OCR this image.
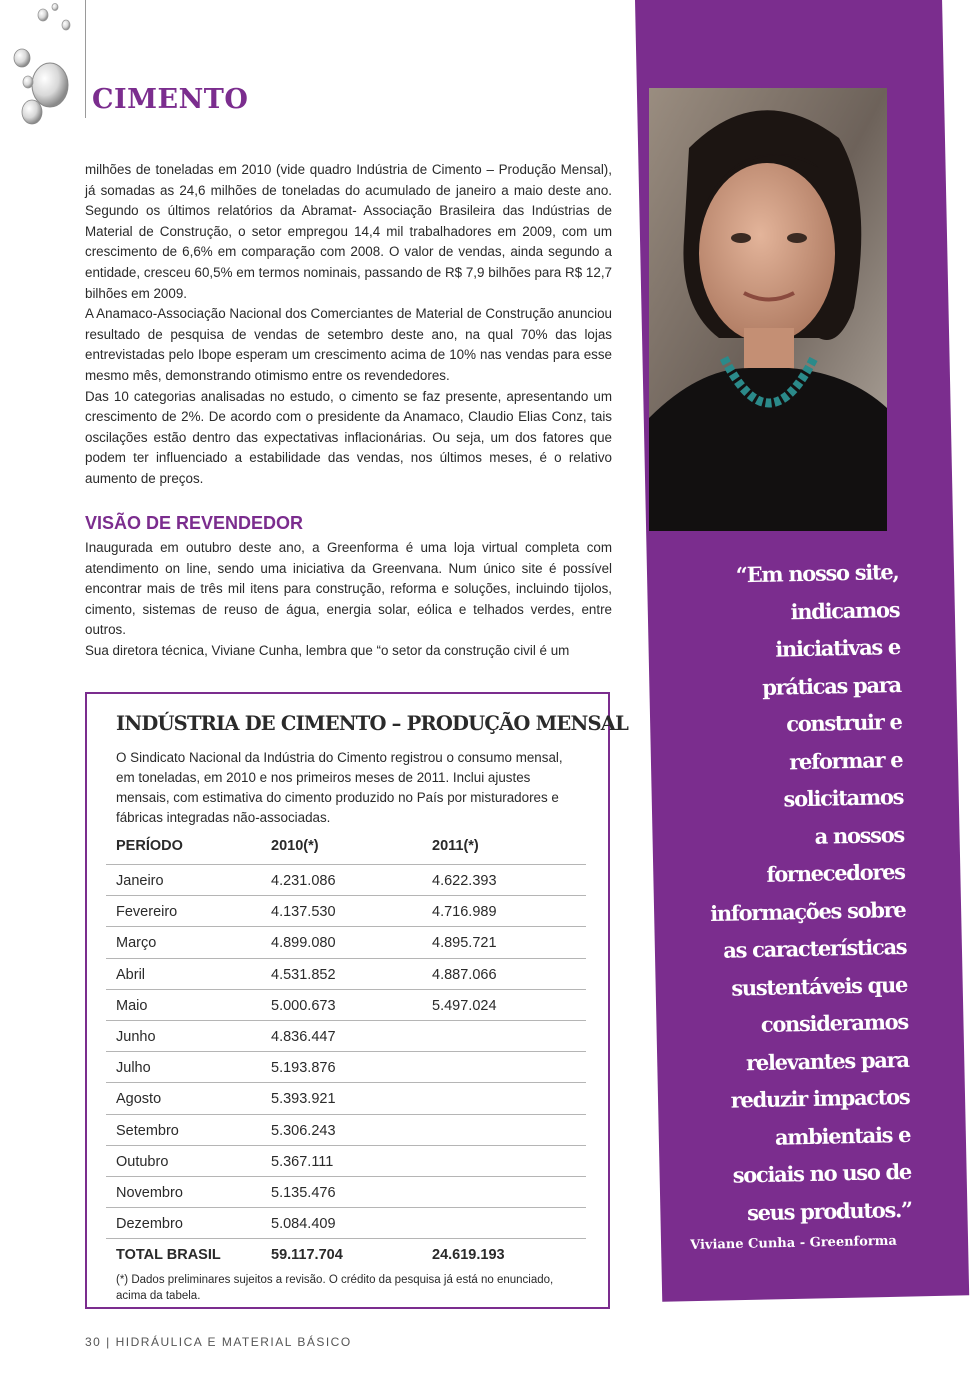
CIMENTO

milhões de toneladas em 2010 (vide quadro Indústria de Cimento – Produção Mensal), já somadas as 24,6 milhões de toneladas do acumulado de janeiro a maio deste ano. Segundo os últimos relatórios da Abramat- Associação Brasileira das Indústrias de Material de Construção, o setor empregou 14,4 mil trabalhadores em 2009, com um crescimento de 6,6% em comparação com 2008. O valor de vendas, ainda segundo a entidade, cresceu 60,5% em termos nominais, passando de R$ 7,9 bilhões para R$ 12,7 bilhões em 2009.

A Anamaco-Associação Nacional dos Comerciantes de Material de Construção anunciou resultado de pesquisa de vendas de setembro deste ano, na qual 70% das lojas entrevistadas pelo Ibope esperam um crescimento acima de 10% nas vendas para esse mesmo mês, demonstrando otimismo entre os revendedores.

Das 10 categorias analisadas no estudo, o cimento se faz presente, apresentando um crescimento de 2%. De acordo com o presidente da Anamaco, Claudio Elias Conz, tais oscilações estão dentro das expectativas inflacionárias. Ou seja, um dos fatores que podem ter influenciado a estabilidade das vendas, nos últimos meses, é o relativo aumento de preços.

VISÃO DE REVENDEDOR

Inaugurada em outubro deste ano, a Greenforma é uma loja virtual completa com atendimento on line, sendo uma iniciativa da Greenvana. Num único site é possível encontrar mais de três mil itens para construção, reforma e soluções, incluindo tijolos, cimento, sistemas de reuso de água, energia solar, eólica e telhados verdes, entre outros.

Sua diretora técnica, Viviane Cunha, lembra que “o setor da construção civil é um

INDÚSTRIA DE CIMENTO – PRODUÇÃO MENSAL

O Sindicato Nacional da Indústria do Cimento registrou o consumo mensal, em toneladas, em 2010 e nos primeiros meses de 2011. Inclui ajustes mensais, com estimativa do cimento produzido no País por misturadores e fábricas integradas não-associadas.

PERÍODO	2010(*)	2011(*)
Janeiro	4.231.086	4.622.393
Fevereiro	4.137.530	4.716.989
Março	4.899.080	4.895.721
Abril	4.531.852	4.887.066
Maio	5.000.673	5.497.024
Junho	4.836.447
Julho	5.193.876
Agosto	5.393.921
Setembro	5.306.243
Outubro	5.367.111
Novembro	5.135.476
Dezembro	5.084.409
TOTAL BRASIL	59.117.704	24.619.193

(*) Dados preliminares sujeitos a revisão. O crédito da pesquisa já está no enunciado, acima da tabela.

30 | HIDRÁULICA E MATERIAL BÁSICO

“Em nosso site,
indicamos
iniciativas e
práticas para
construir e
reformar e
solicitamos
a nossos
fornecedores
informações sobre
as características
sustentáveis que
consideramos
relevantes para
reduzir impactos
ambientais e
sociais no uso de
seus produtos.”

Viviane Cunha - Greenforma
